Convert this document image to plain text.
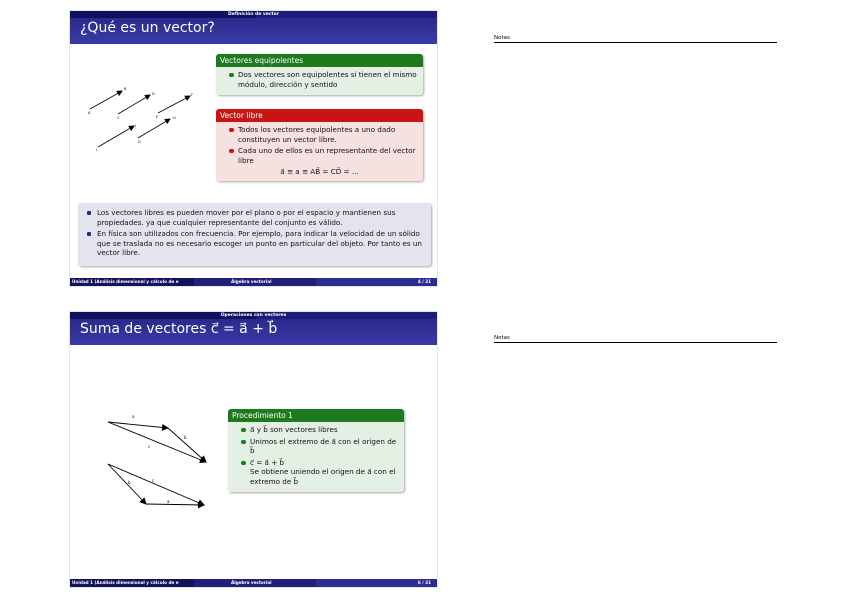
Definición de vector
¿Qué es un vector?
A
B
C
D
E
F
G
H
I
J
Vectores equipolentes
Dos vectores son equipolentes si tienen el mismo módulo, dirección y sentido
Vector libre
Todos los vectores equipolentes a uno dado constituyen un vector libre.
Cada uno de ellos es un representante del vector libre
a⃗ ≡ a ≡ AB⃗ = CD⃗ = ...
Los vectores libres es pueden mover por el plano o por el espacio y mantienen sus propiedades. ya que cualquier representante del conjunto es válido.
En física son utilizados con frecuencia. Por ejemplo, para indicar la velocidad de un sólido que se traslada no es necesario escoger un punto en particular del objeto. Por tanto es un vector libre.
Unidad 1 (Análisis dimensional y cálculo de e	Álgebra vectorial	4 / 31
Notas
Operaciones con vectores
Suma de vectores c⃗ = a⃗ + b⃗
a
b
c
b	c
a
Procedimiento 1
a⃗ y b⃗ son vectores libres
Unimos el extremo de a⃗ con el origen de b⃗
c⃗ = a⃗ + b⃗
Se obtiene uniendo el origen de a⃗ con el extremo de b⃗
Unidad 1 (Análisis dimensional y cálculo de e	Álgebra vectorial	6 / 31
Notas
